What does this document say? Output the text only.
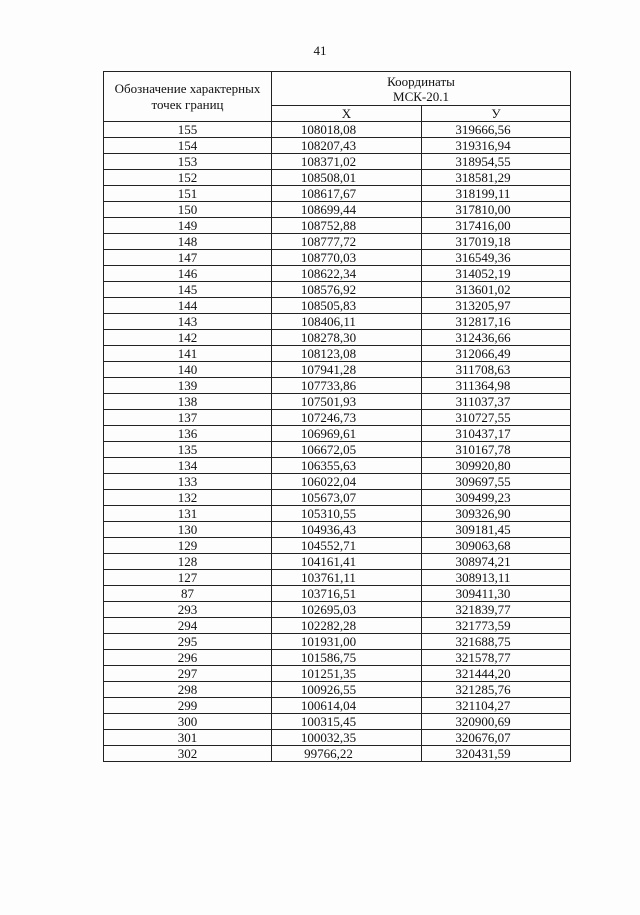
41
Обозначение характерных точек границ	Координаты
МСК-20.1	

	X	У
155	108018,08	319666,56
154	108207,43	319316,94
153	108371,02	318954,55
152	108508,01	318581,29
151	108617,67	318199,11
150	108699,44	317810,00
149	108752,88	317416,00
148	108777,72	317019,18
147	108770,03	316549,36
146	108622,34	314052,19
145	108576,92	313601,02
144	108505,83	313205,97
143	108406,11	312817,16
142	108278,30	312436,66
141	108123,08	312066,49
140	107941,28	311708,63
139	107733,86	311364,98
138	107501,93	311037,37
137	107246,73	310727,55
136	106969,61	310437,17
135	106672,05	310167,78
134	106355,63	309920,80
133	106022,04	309697,55
132	105673,07	309499,23
131	105310,55	309326,90
130	104936,43	309181,45
129	104552,71	309063,68
128	104161,41	308974,21
127	103761,11	308913,11
87	103716,51	309411,30
293	102695,03	321839,77
294	102282,28	321773,59
295	101931,00	321688,75
296	101586,75	321578,77
297	101251,35	321444,20
298	100926,55	321285,76
299	100614,04	321104,27
300	100315,45	320900,69
301	100032,35	320676,07
302	99766,22	320431,59
